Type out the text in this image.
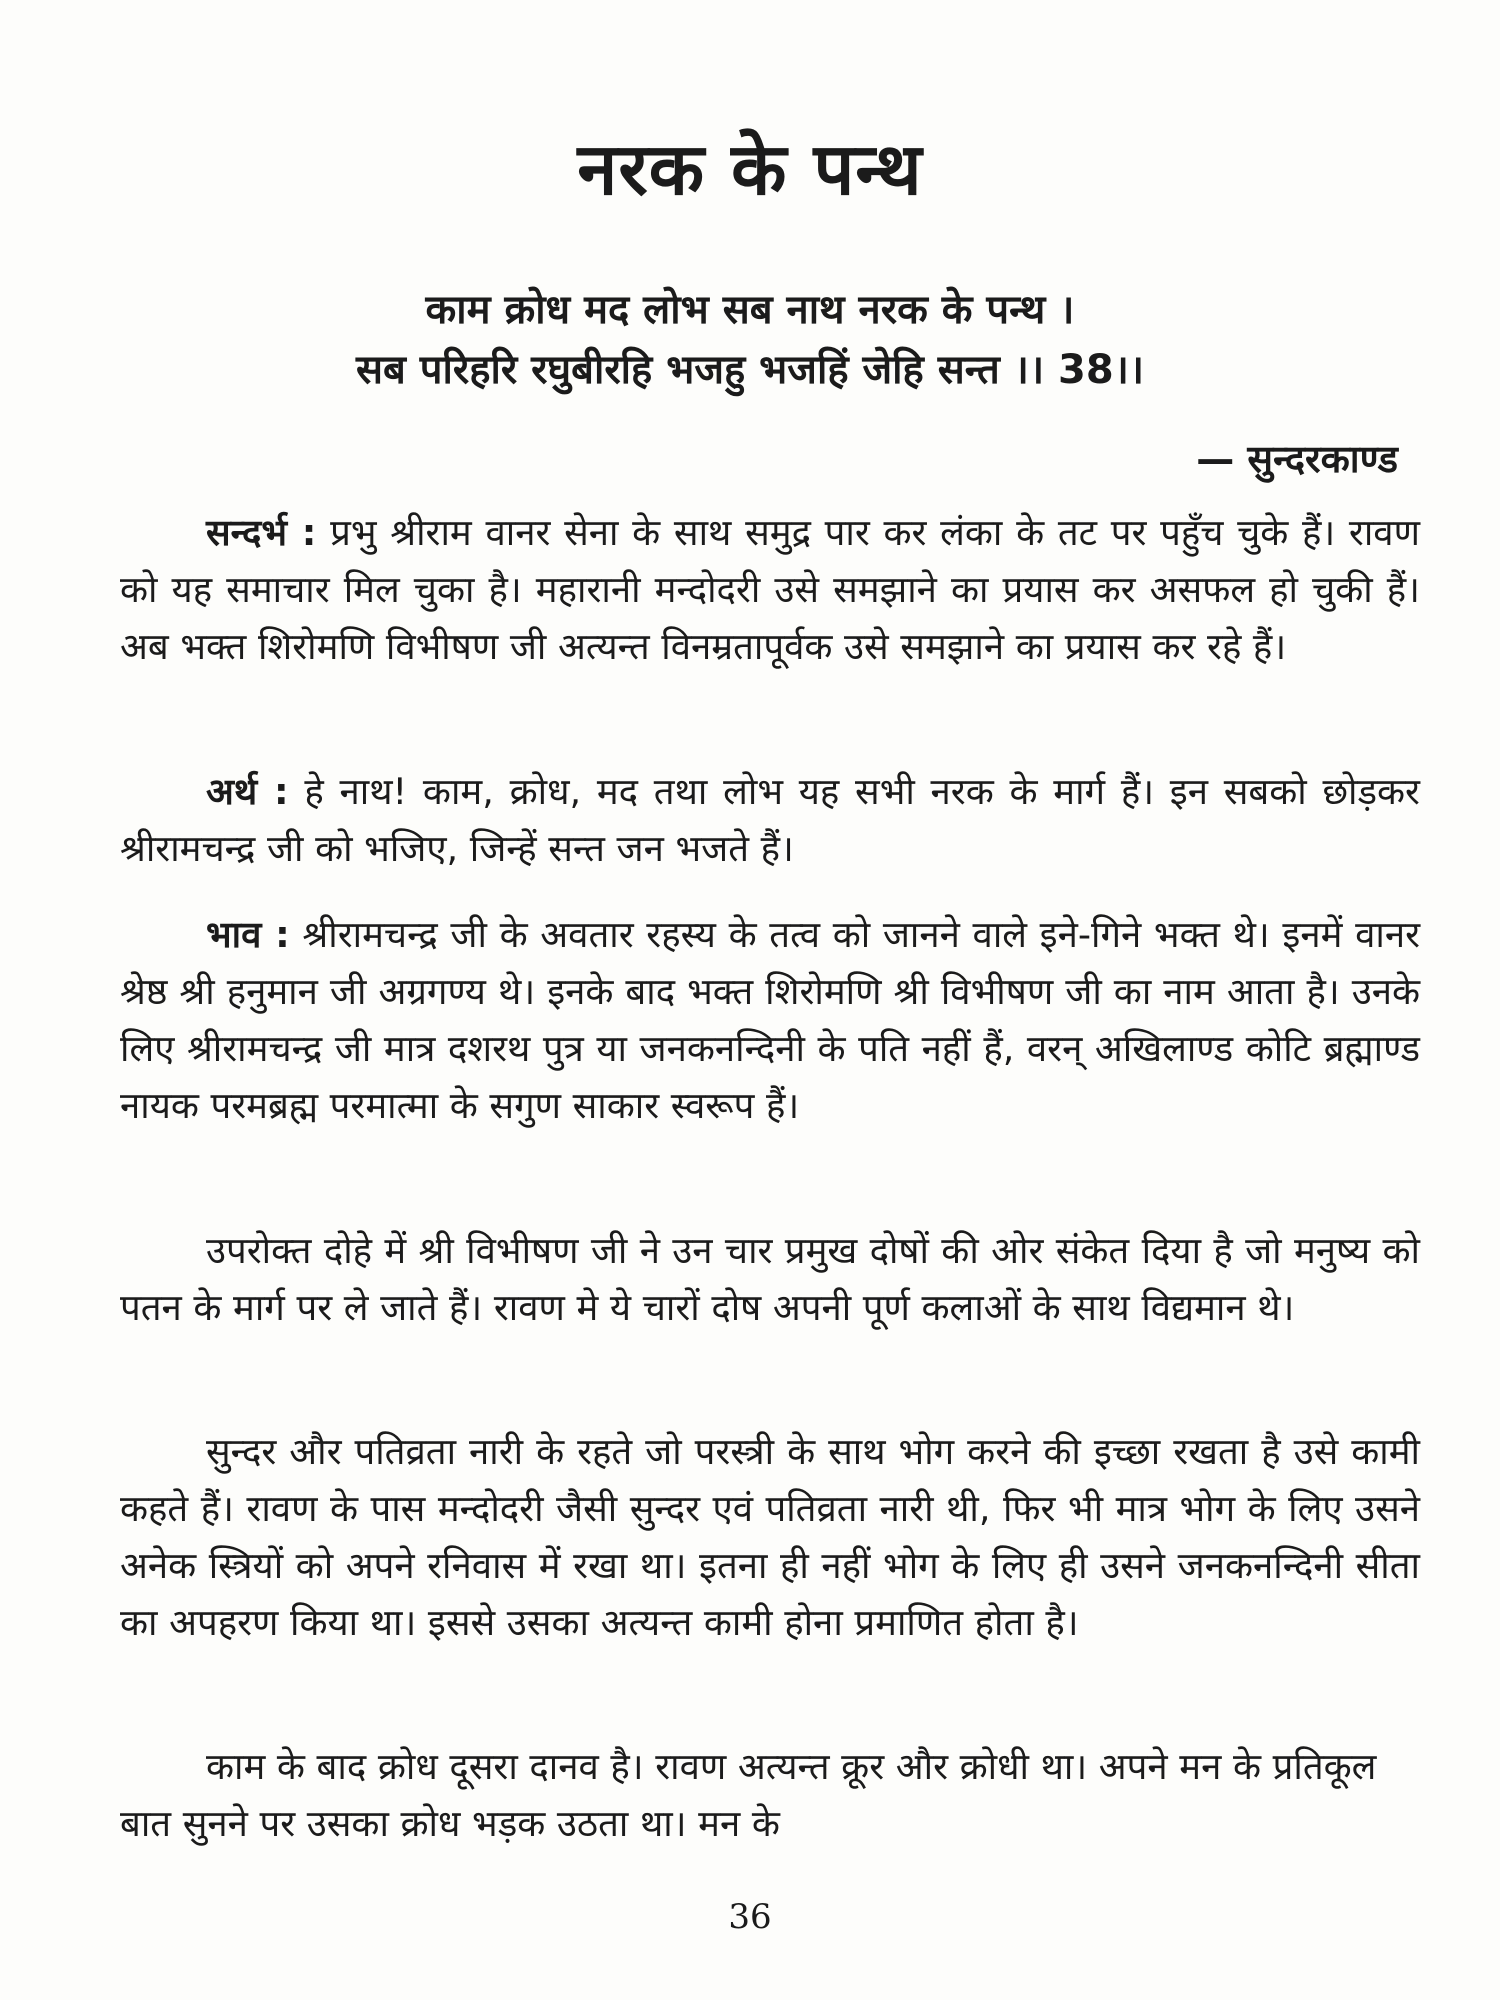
नरक के पन्थ
काम क्रोध मद लोभ सब नाथ नरक के पन्थ ।
सब परिहरि रघुबीरहि भजहु भजहिं जेहि सन्त ।। 38।।
— सुन्दरकाण्ड

सन्दर्भ : प्रभु श्रीराम वानर सेना के साथ समुद्र पार कर लंका के तट पर पहुँच चुके हैं। रावण को यह समाचार मिल चुका है। महारानी मन्दोदरी उसे समझाने का प्रयास कर असफल हो चुकी हैं। अब भक्त शिरोमणि विभीषण जी अत्यन्त विनम्रतापूर्वक उसे समझाने का प्रयास कर रहे हैं।

अर्थ : हे नाथ! काम, क्रोध, मद तथा लोभ यह सभी नरक के मार्ग हैं। इन सबको छोड़कर श्रीरामचन्द्र जी को भजिए, जिन्हें सन्त जन भजते हैं।

भाव : श्रीरामचन्द्र जी के अवतार रहस्य के तत्व को जानने वाले इने-गिने भक्त थे। इनमें वानर श्रेष्ठ श्री हनुमान जी अग्रगण्य थे। इनके बाद भक्त शिरोमणि श्री विभीषण जी का नाम आता है। उनके लिए श्रीरामचन्द्र जी मात्र दशरथ पुत्र या जनकनन्दिनी के पति नहीं हैं, वरन् अखिलाण्ड कोटि ब्रह्माण्ड नायक परमब्रह्म परमात्मा के सगुण साकार स्वरूप हैं।

उपरोक्त दोहे में श्री विभीषण जी ने उन चार प्रमुख दोषों की ओर संकेत दिया है जो मनुष्य को पतन के मार्ग पर ले जाते हैं। रावण मे ये चारों दोष अपनी पूर्ण कलाओं के साथ विद्यमान थे।

सुन्दर और पतिव्रता नारी के रहते जो परस्त्री के साथ भोग करने की इच्छा रखता है उसे कामी कहते हैं। रावण के पास मन्दोदरी जैसी सुन्दर एवं पतिव्रता नारी थी, फिर भी मात्र भोग के लिए उसने अनेक स्त्रियों को अपने रनिवास में रखा था। इतना ही नहीं भोग के लिए ही उसने जनकनन्दिनी सीता का अपहरण किया था। इससे उसका अत्यन्त कामी होना प्रमाणित होता है।

काम के बाद क्रोध दूसरा दानव है। रावण अत्यन्त क्रूर और क्रोधी था। अपने मन के प्रतिकूल बात सुनने पर उसका क्रोध भड़क उठता था। मन के

36
